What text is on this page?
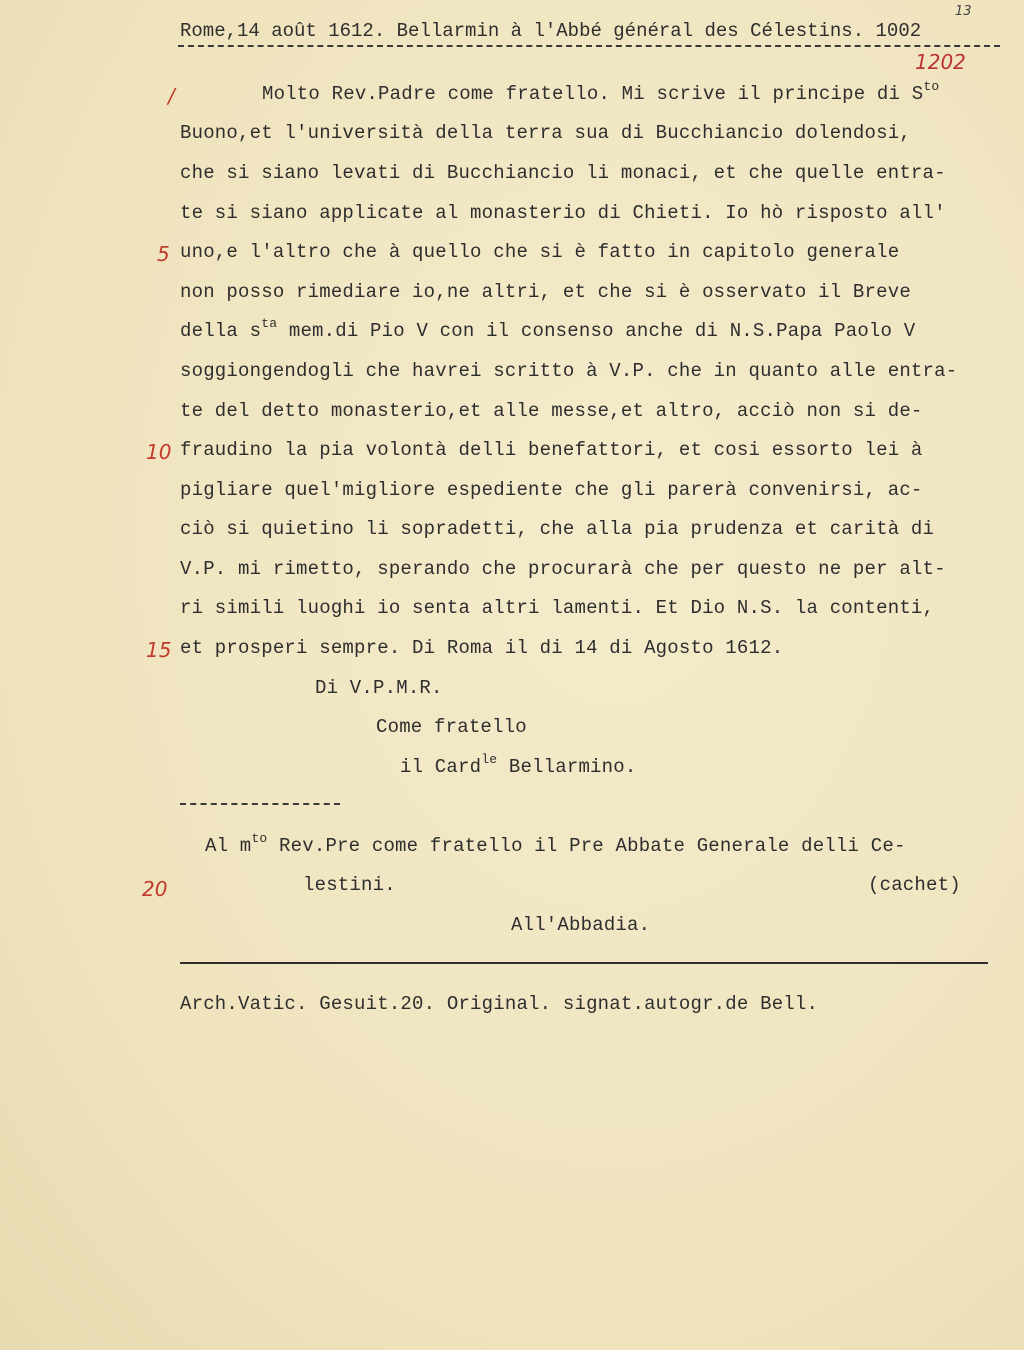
13
Rome,14 août 1612. Bellarmin à l'Abbé général des Célestins. 1002
1202
/
5
10
15
20
Molto Rev.Padre come fratello. Mi scrive il principe di $S^{to}$
Buono,et l'università della terra sua di Bucchiancio dolendosi,
che si siano levati di Bucchiancio li monaci, et che quelle entra-
te si siano applicate al monasterio di Chieti. Io hò risposto all'
uno,e l'altro che à quello che si è fatto in capitolo generale
non posso rimediare io,ne altri, et che si è osservato il Breve
della $s^{ta}$ mem.di Pio V con il consenso anche di N.S.Papa Paolo V
soggiongendogli che havrei scritto à V.P. che in quanto alle entra-
te del detto monasterio,et alle messe,et altro, acciò non si de-
fraudino la pia volontà delli benefattori, et cosi essorto lei à
pigliare quel'migliore espediente che gli parerà convenirsi, ac-
ciò si quietino li sopradetti, che alla pia prudenza et carità di
V.P. mi rimetto, sperando che procurarà che per questo ne per alt-
ri simili luoghi io senta altri lamenti. Et Dio N.S. la contenti,
et prosperi sempre. Di Roma il di 14 di Agosto 1612.
Di V.P.M.R.
Come fratello
il Card$^{le}$ Bellarmino.
Al $m^{to}$ Rev.Pre come fratello il Pre Abbate Generale delli Ce-
lestini.	(cachet)
All'Abbadia.
Arch.Vatic. Gesuit.20. Original. signat.autogr.de Bell.
